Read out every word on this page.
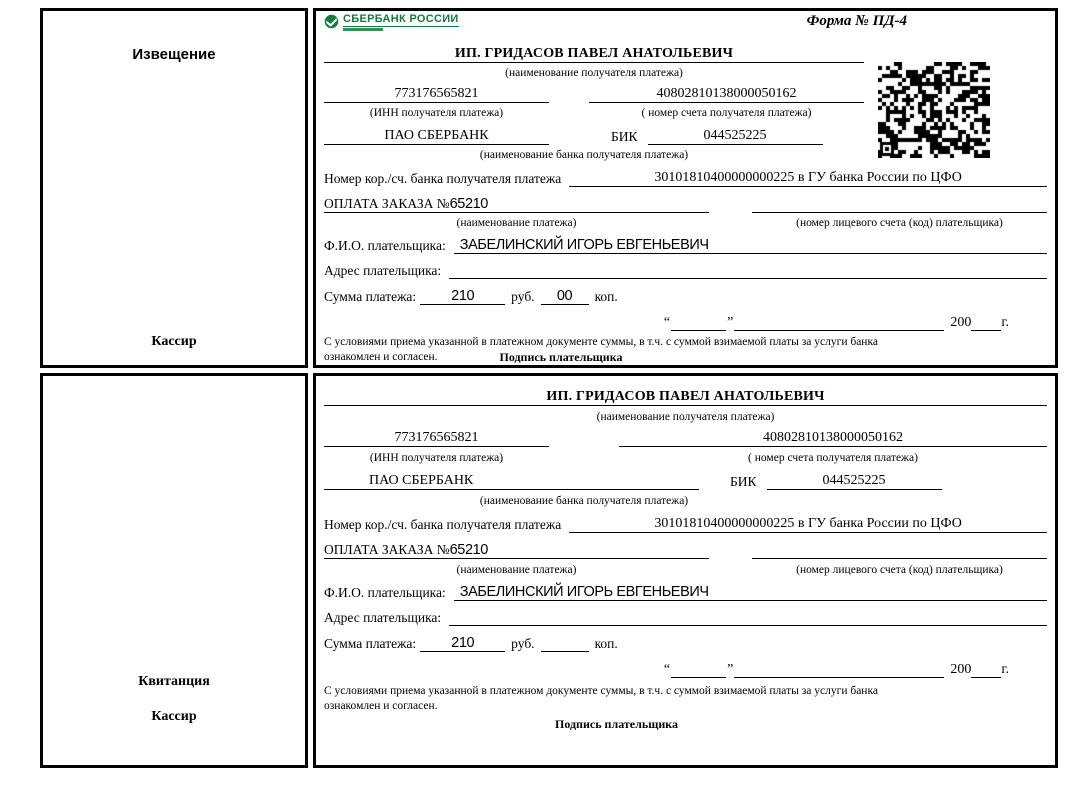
Извещение
Кассир
СБЕРБАНК РОССИИ	Форма № ПД-4
ИП. ГРИДАСОВ ПАВЕЛ АНАТОЛЬЕВИЧ
(наименование получателя платежа)
773176565821	40802810138000050162
(ИНН получателя платежа)	( номер счета получателя платежа)
ПАО СБЕРБАНК	БИК	044525225
(наименование банка получателя платежа)
Номер кор./сч. банка получателя платежа	30101810400000000225 в ГУ банка России по ЦФО
ОПЛАТА ЗАКАЗА № 65210

(наименование платежа)	(номер лицевого счета (код) плательщика)
Ф.И.О. плательщика: ЗАБЕЛИНСКИЙ ИГОРЬ ЕВГЕНЬЕВИЧ
Адрес плательщика:

Сумма платежа:	210	руб.	00	коп.
“
	”
	200
г.
С условиями приема указанной в платежном документе суммы, в т.ч. с суммой взимаемой платы за услуги банка
ознакомлен и согласен.	Подпись плательщика
Квитанция
Кассир
ИП. ГРИДАСОВ ПАВЕЛ АНАТОЛЬЕВИЧ
(наименование получателя платежа)
773176565821	40802810138000050162
(ИНН получателя платежа)	( номер счета получателя платежа)
ПАО СБЕРБАНК	БИК	044525225
(наименование банка получателя платежа)
Номер кор./сч. банка получателя платежа	30101810400000000225 в ГУ банка России по ЦФО
ОПЛАТА ЗАКАЗА № 65210

(наименование платежа)	(номер лицевого счета (код) плательщика)
Ф.И.О. плательщика: ЗАБЕЛИНСКИЙ ИГОРЬ ЕВГЕНЬЕВИЧ
Адрес плательщика:

Сумма платежа:	210	руб.	коп.
“
	”
	200
г.
С условиями приема указанной в платежном документе суммы, в т.ч. с суммой взимаемой платы за услуги банка
ознакомлен и согласен.
Подпись плательщика
